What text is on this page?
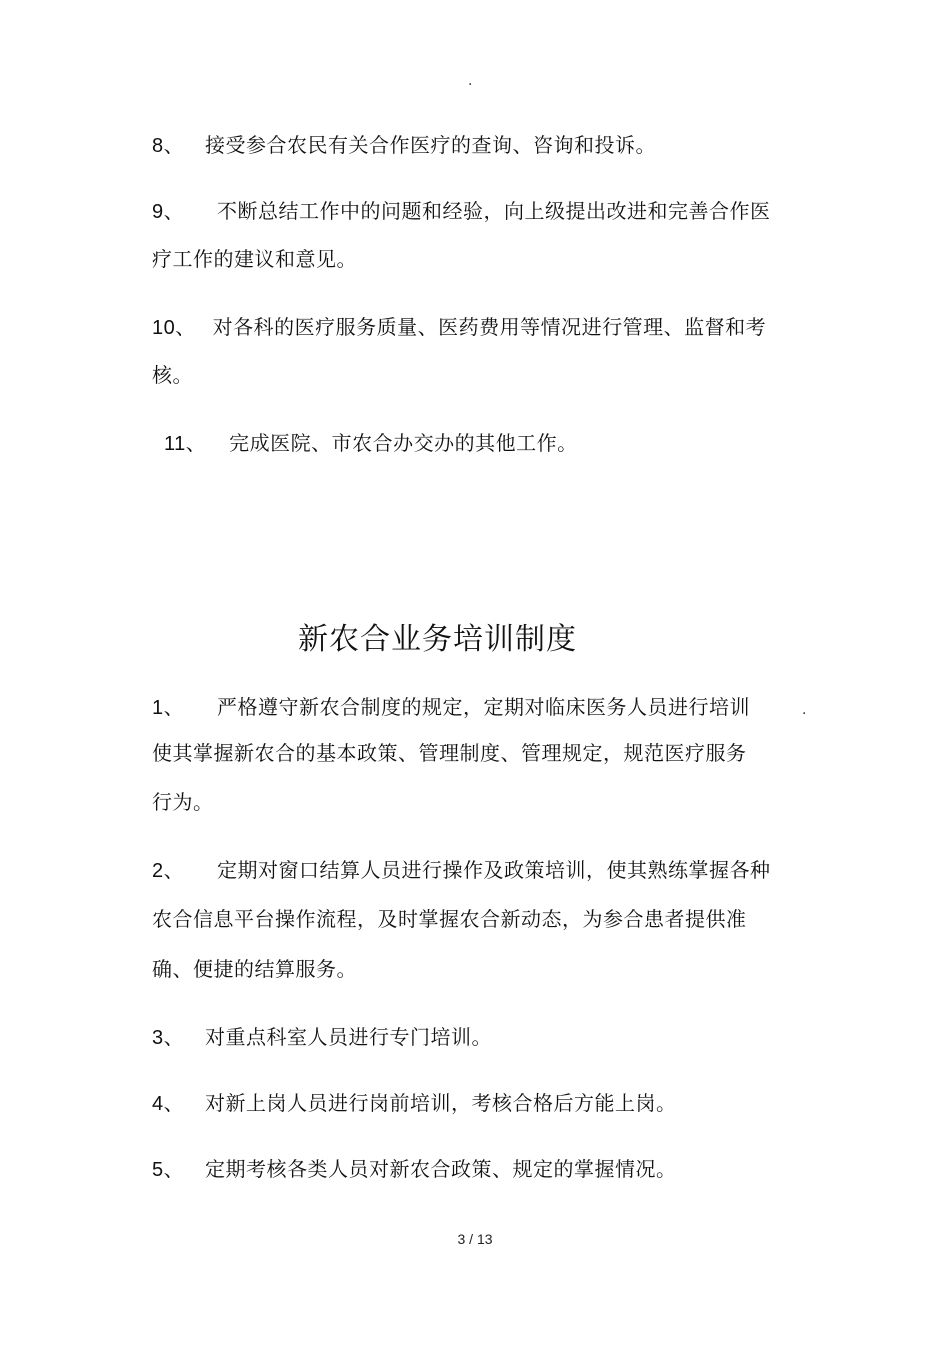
.
8、 接受参合农民有关合作医疗的查询、咨询和投诉。
9、 不断总结工作中的问题和经验，向上级提出改进和完善合作医
疗工作的建议和意见。
10、 对各科的医疗服务质量、医药费用等情况进行管理、监督和考
核。
11、 完成医院、市农合办交办的其他工作。
新农合业务培训制度
1、 严格遵守新农合制度的规定，定期对临床医务人员进行培训	.
使其掌握新农合的基本政策、管理制度、管理规定，规范医疗服务
行为。
2、 定期对窗口结算人员进行操作及政策培训，使其熟练掌握各种
农合信息平台操作流程，及时掌握农合新动态，为参合患者提供准
确、便捷的结算服务。
3、 对重点科室人员进行专门培训。
4、 对新上岗人员进行岗前培训，考核合格后方能上岗。
5、 定期考核各类人员对新农合政策、规定的掌握情况。
3 / 13
